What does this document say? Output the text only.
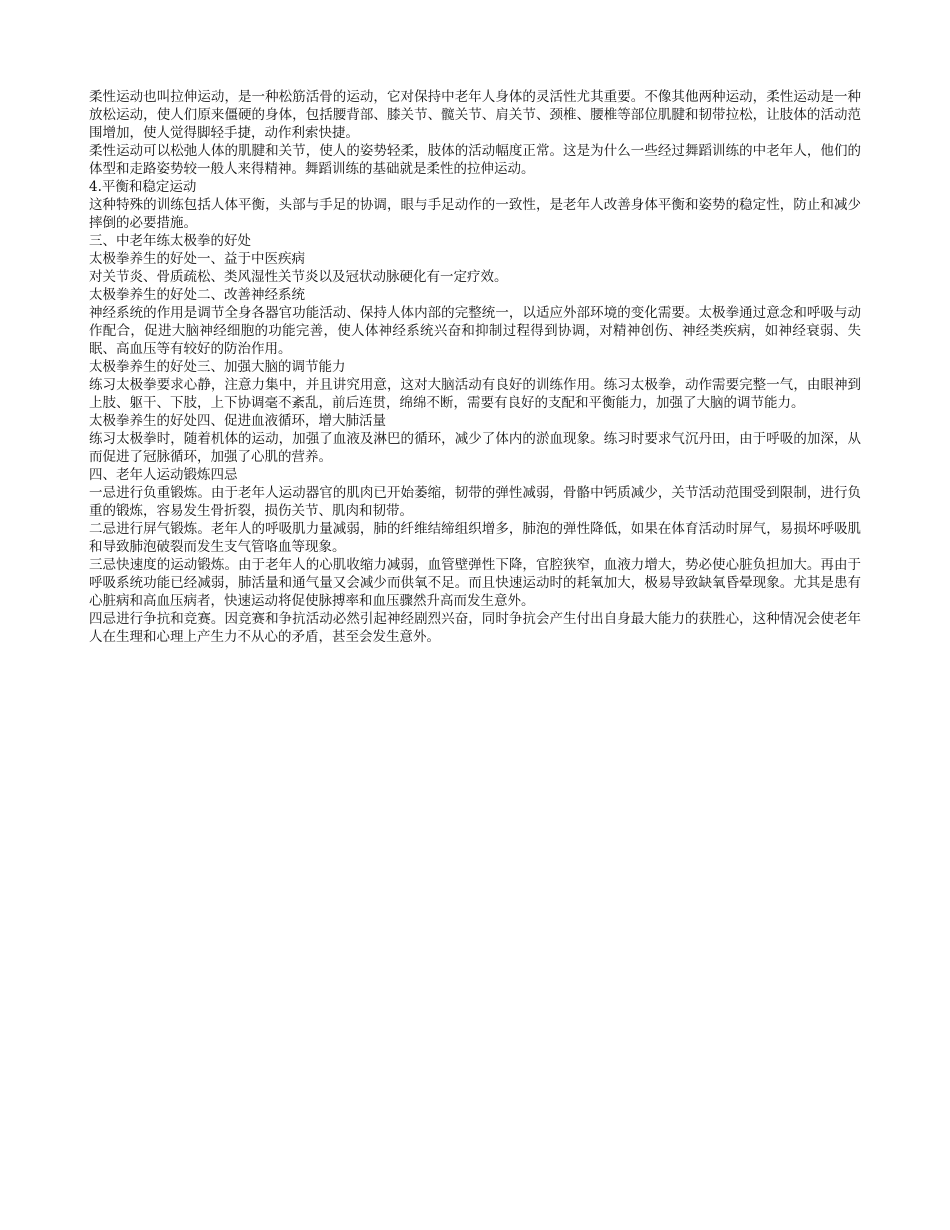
柔性运动也叫拉伸运动，是一种松筋活骨的运动，它对保持中老年人身体的灵活性尤其重要。不像其他两种运动，柔性运动是一种放松运动，使人们原来僵硬的身体，包括腰背部、膝关节、髋关节、肩关节、颈椎、腰椎等部位肌腱和韧带拉松，让肢体的活动范围增加，使人觉得脚轻手捷，动作利索快捷。

柔性运动可以松弛人体的肌腱和关节，使人的姿势轻柔，肢体的活动幅度正常。这是为什么一些经过舞蹈训练的中老年人，他们的体型和走路姿势较一般人来得精神。舞蹈训练的基础就是柔性的拉伸运动。

4.平衡和稳定运动

这种特殊的训练包括人体平衡，头部与手足的协调，眼与手足动作的一致性，是老年人改善身体平衡和姿势的稳定性，防止和减少摔倒的必要措施。

三、中老年练太极拳的好处

太极拳养生的好处一、益于中医疾病

对关节炎、骨质疏松、类风湿性关节炎以及冠状动脉硬化有一定疗效。

太极拳养生的好处二、改善神经系统

神经系统的作用是调节全身各器官功能活动、保持人体内部的完整统一，以适应外部环境的变化需要。太极拳通过意念和呼吸与动作配合，促进大脑神经细胞的功能完善，使人体神经系统兴奋和抑制过程得到协调，对精神创伤、神经类疾病，如神经衰弱、失眠、高血压等有较好的防治作用。

太极拳养生的好处三、加强大脑的调节能力

练习太极拳要求心静，注意力集中，并且讲究用意，这对大脑活动有良好的训练作用。练习太极拳，动作需要完整一气，由眼神到上肢、躯干、下肢，上下协调毫不紊乱，前后连贯，绵绵不断，需要有良好的支配和平衡能力，加强了大脑的调节能力。

太极拳养生的好处四、促进血液循环，增大肺活量

练习太极拳时，随着机体的运动，加强了血液及淋巴的循环，减少了体内的淤血现象。练习时要求气沉丹田，由于呼吸的加深，从而促进了冠脉循环，加强了心肌的营养。

四、老年人运动锻炼四忌

一忌进行负重锻炼。由于老年人运动器官的肌肉已开始萎缩，韧带的弹性减弱，骨骼中钙质减少，关节活动范围受到限制，进行负重的锻炼，容易发生骨折裂，损伤关节、肌肉和韧带。

二忌进行屏气锻炼。老年人的呼吸肌力量减弱，肺的纤维结缔组织增多，肺泡的弹性降低，如果在体育活动时屏气，易损坏呼吸肌和导致肺泡破裂而发生支气管咯血等现象。

三忌快速度的运动锻炼。由于老年人的心肌收缩力减弱，血管壁弹性下降，官腔狭窄，血液力增大，势必使心脏负担加大。再由于呼吸系统功能已经减弱，肺活量和通气量又会减少而供氧不足。而且快速运动时的耗氧加大，极易导致缺氧昏晕现象。尤其是患有心脏病和高血压病者，快速运动将促使脉搏率和血压骤然升高而发生意外。

四忌进行争抗和竞赛。因竞赛和争抗活动必然引起神经剧烈兴奋，同时争抗会产生付出自身最大能力的获胜心，这种情况会使老年人在生理和心理上产生力不从心的矛盾，甚至会发生意外。
